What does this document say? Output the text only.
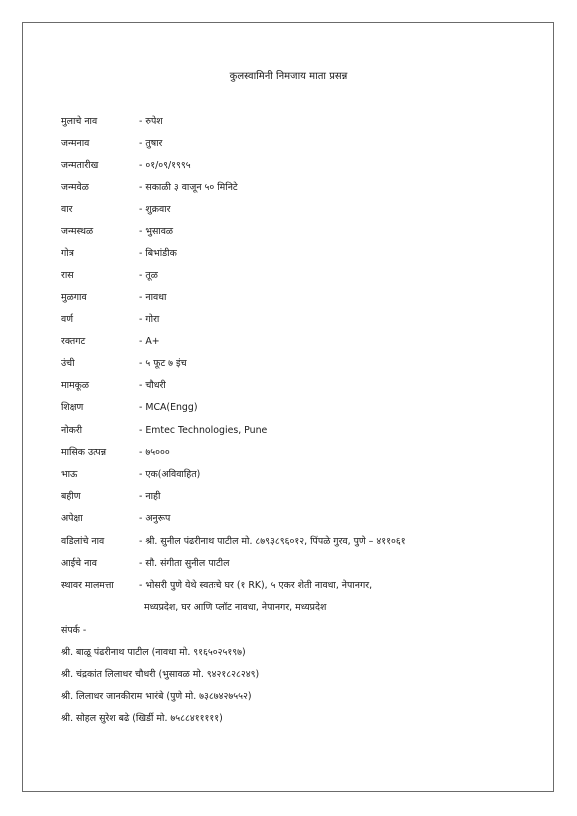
कुलस्वामिनी निमजाय माता प्रसन्न
मुलाचे नाव	- रुपेश
जन्मनाव	- तुषार
जन्मतारीख	- ०१/०९/१९९५
जन्मवेळ	- सकाळी ३ वाजून ५० मिनिटे
वार	- शुक्रवार
जन्मस्थळ	- भुसावळ
गोत्र	- बिभांडीक
रास	- तूळ
मुळगाव	- नावधा
वर्ण	- गोरा
रक्तगट	- A+
उंची	- ५ फूट ७ इंच
मामकूळ	- चौधरी
शिक्षण	- MCA(Engg)
नोकरी	- Emtec Technologies, Pune
मासिक उत्पन्न	- ७५०००
भाऊ	- एक(अविवाहित)
बहीण	- नाही
अपेक्षा	- अनुरूप
वडिलांचे नाव	- श्री. सुनील पंढरीनाथ पाटील मो. ८७९३८९६०१२, पिंपळे गुरव, पुणे – ४११०६१
आईचे नाव	- सौ. संगीता सुनील पाटील
स्थावर मालमत्ता	- भोसरी पुणे येथे स्वतःचे घर (१ RK), ५ एकर शेती नावधा, नेपानगर,
मध्यप्रदेश, घर आणि प्लॉट नावधा, नेपानगर, मध्यप्रदेश
संपर्क -
श्री. बाळू पंढरीनाथ पाटील (नावधा मो. ९१६५०२५१९७)
श्री. चंद्रकांत लिलाधर चौधरी (भुसावळ मो. ९४२१८२८२४९)
श्री. लिलाधर जानकीराम भारंबे (पुणे मो. ७३८७४२७५५२)
श्री. सोहल सुरेश बढे (खिर्डी मो. ७५८८४१११११)
